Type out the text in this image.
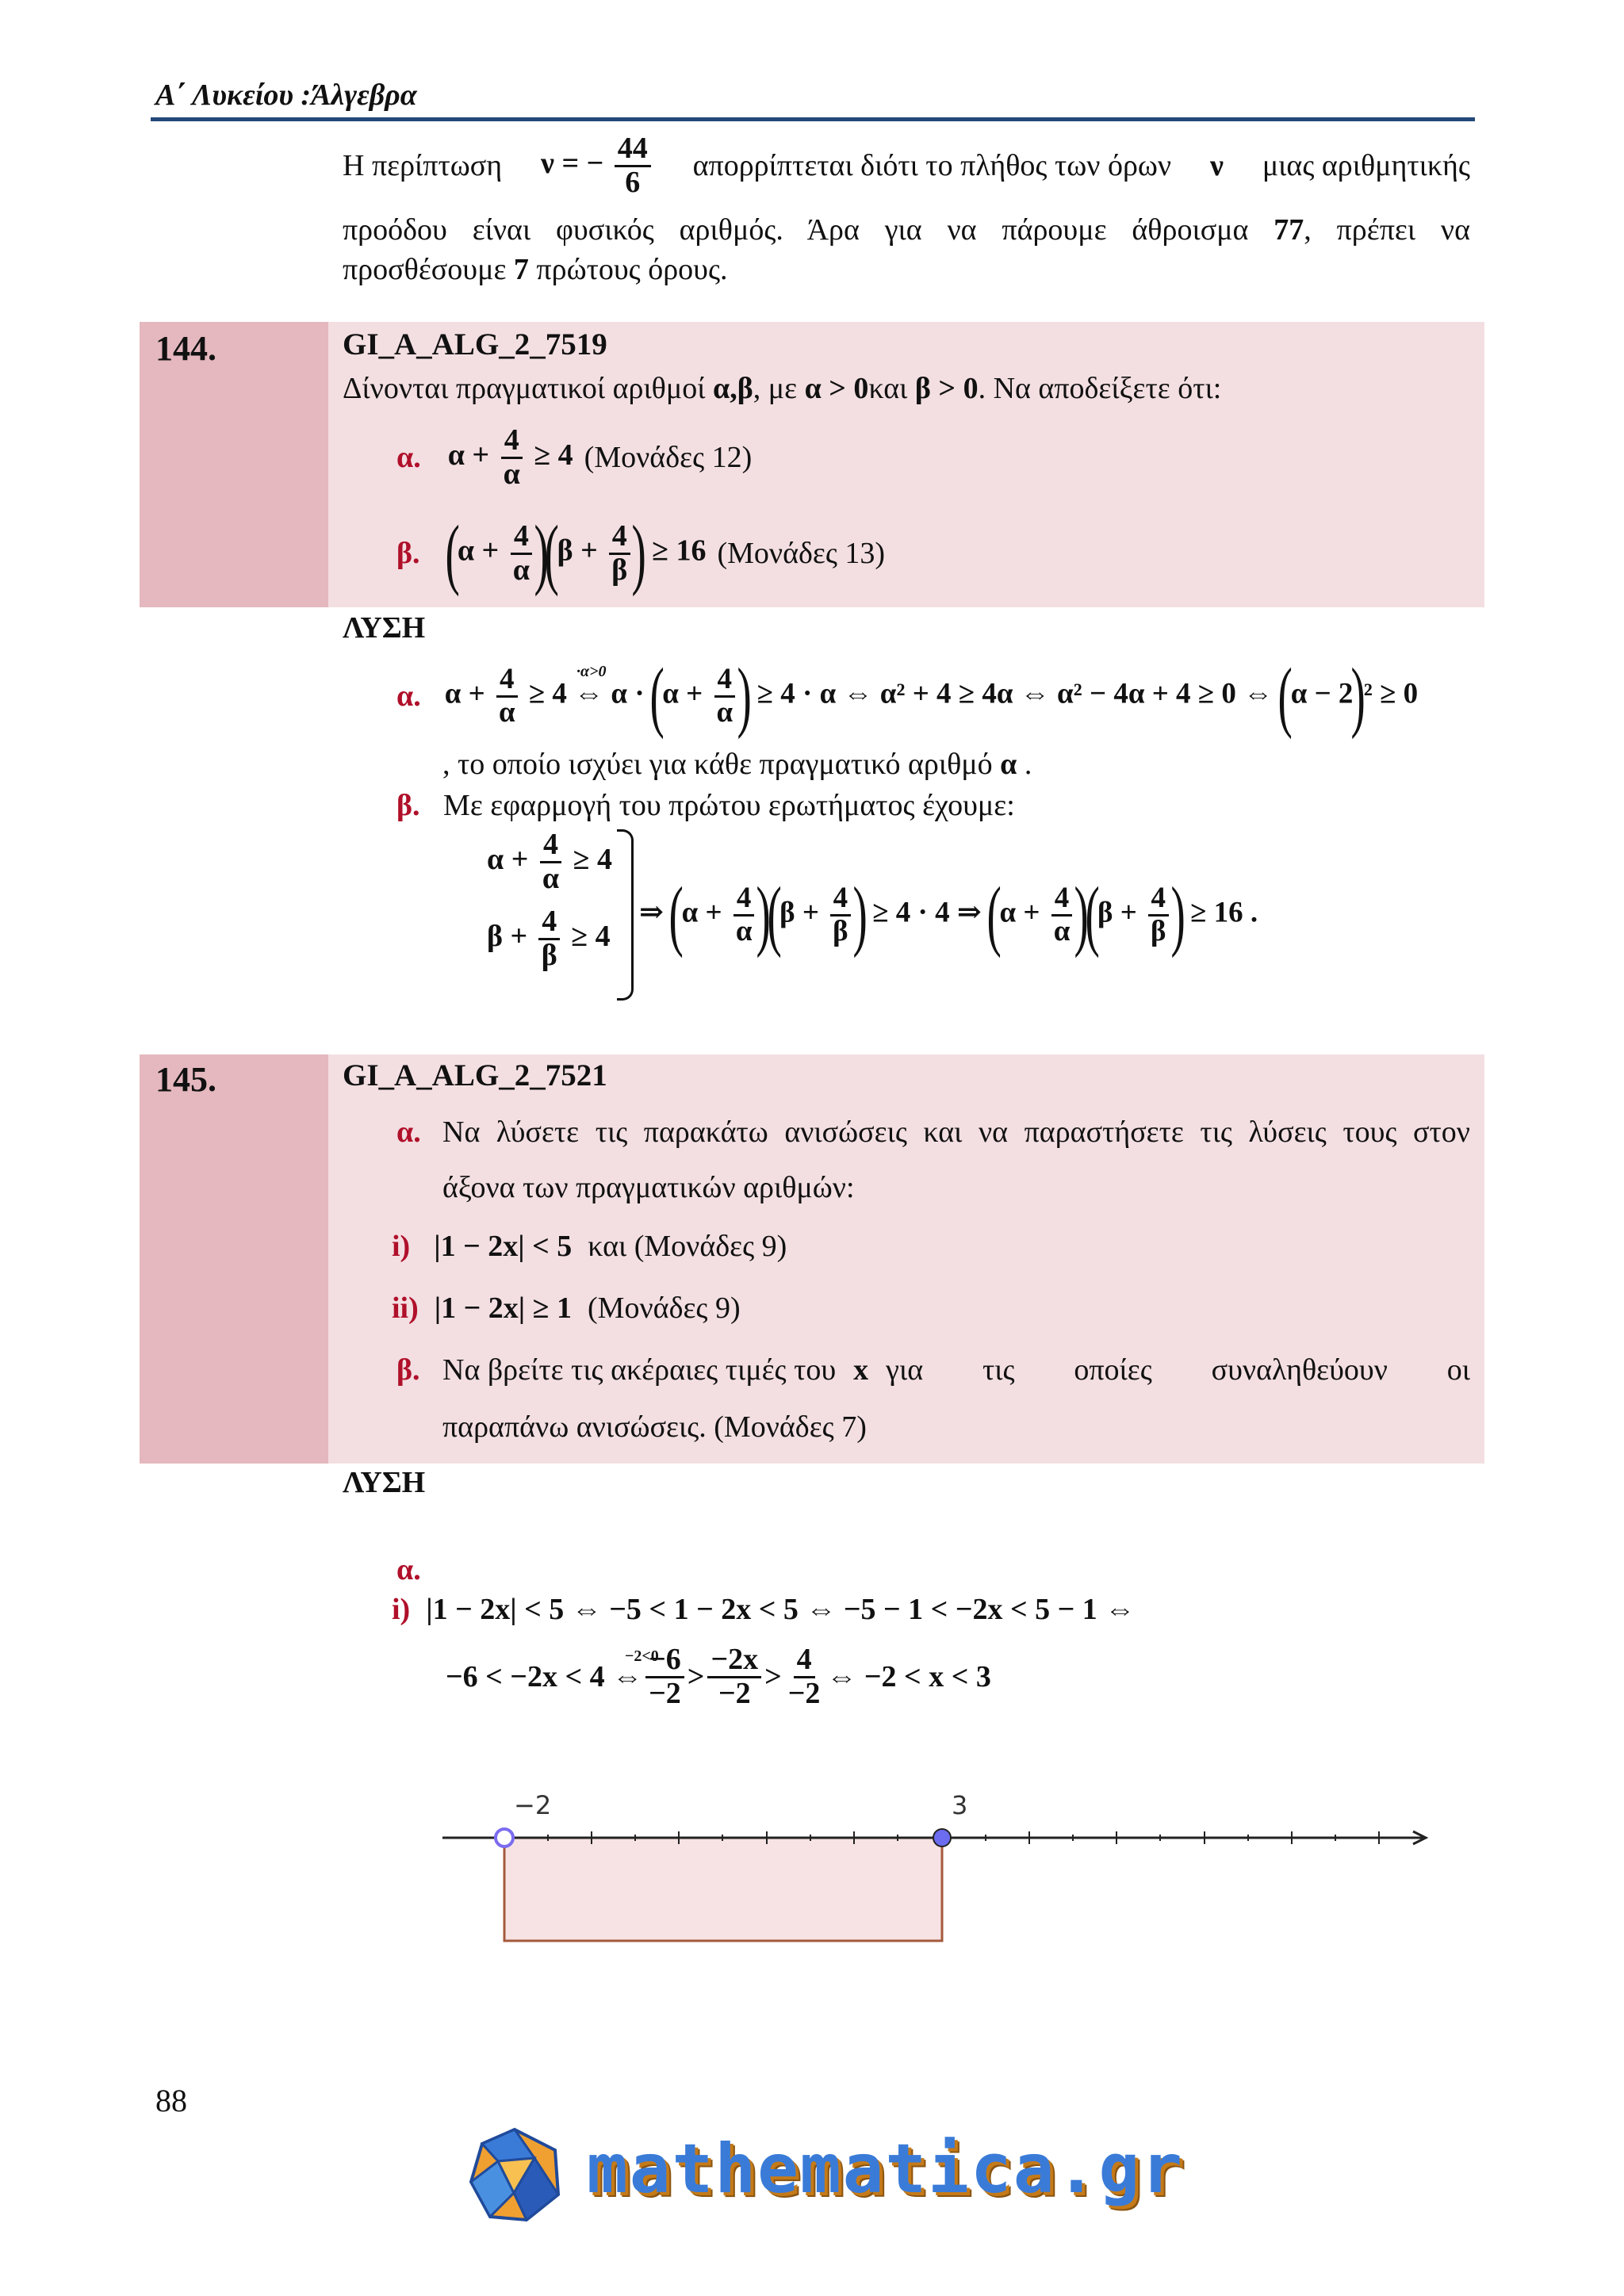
Α΄ Λυκείου :Άλγεβρα
Η περίπτωση ν = − $\frac{44}{6}$ απορρίπτεται διότι το πλήθος των όρων ν μιας αριθμητικής
προόδου είναι φυσικός αριθμός. Άρα για να πάρουμε άθροισμα 77, πρέπει να
προσθέσουμε 7 πρώτους όρους.
144.	GI_A_ALG_2_7519
Δίνονται πραγματικοί αριθμοί α,β, με α > 0και β > 0. Να αποδείξετε ότι:
α. $\alpha + \frac{4}{\alpha} \ge 4$ (Μονάδες 12)
β. $(\alpha + \frac{4}{\alpha} )(\beta + \frac{4}{\beta}$ ) ≥ 16 (Μονάδες 13)
ΛΥΣΗ
α. $\alpha + \frac{4}{\alpha} \ge 4$ ⇔ $\alpha \cdot (\alpha + \frac{4}{\alpha}$ ) ≥ 4 · α ⇔ α² + 4 ≥ 4α ⇔ α² − 4α + 4 ≥ 0 ⇔ (α − 2)² ≥ 0
·α>0
, το οποίο ισχύει για κάθε πραγματικό αριθμό α .
β. Με εφαρμογή του πρώτου ερωτήματος έχουμε:
$\alpha + \frac{4}{\alpha} \ge 4$
$\beta + \frac{4}{\beta} \ge 4$
⇒ $(\alpha + \frac{4}{\alpha} )(\beta + \frac{4}{\beta}$ ) ≥ 4 · 4 ⇒ $(\alpha + \frac{4}{\alpha} )(\beta + \frac{4}{\beta}$ ) ≥ 16 .
145.	GI_A_ALG_2_7521
α. Να λύσετε τις παρακάτω ανισώσεις και να παραστήσετε τις λύσεις τους στον
άξονα των πραγματικών αριθμών:
i) |1 − 2x| < 5 και (Μονάδες 9)
ii) |1 − 2x| ≥ 1 (Μονάδες 9)
β. Να βρείτε τις ακέραιες τιμές του x για τις οποίες συναληθεύουν οι
παραπάνω ανισώσεις. (Μονάδες 7)
ΛΥΣΗ
α.
i) |1 − 2x| < 5 ⇔ −5 < 1 − 2x < 5 ⇔ −5 − 1 < −2x < 5 − 1 ⇔
−6 < −2x < 4 ⇔
−6
−2 >
−2x
−2 >
4
−2 ⇔ −2 < x < 3
−2<0
−2	3
88
mathematica.gr
